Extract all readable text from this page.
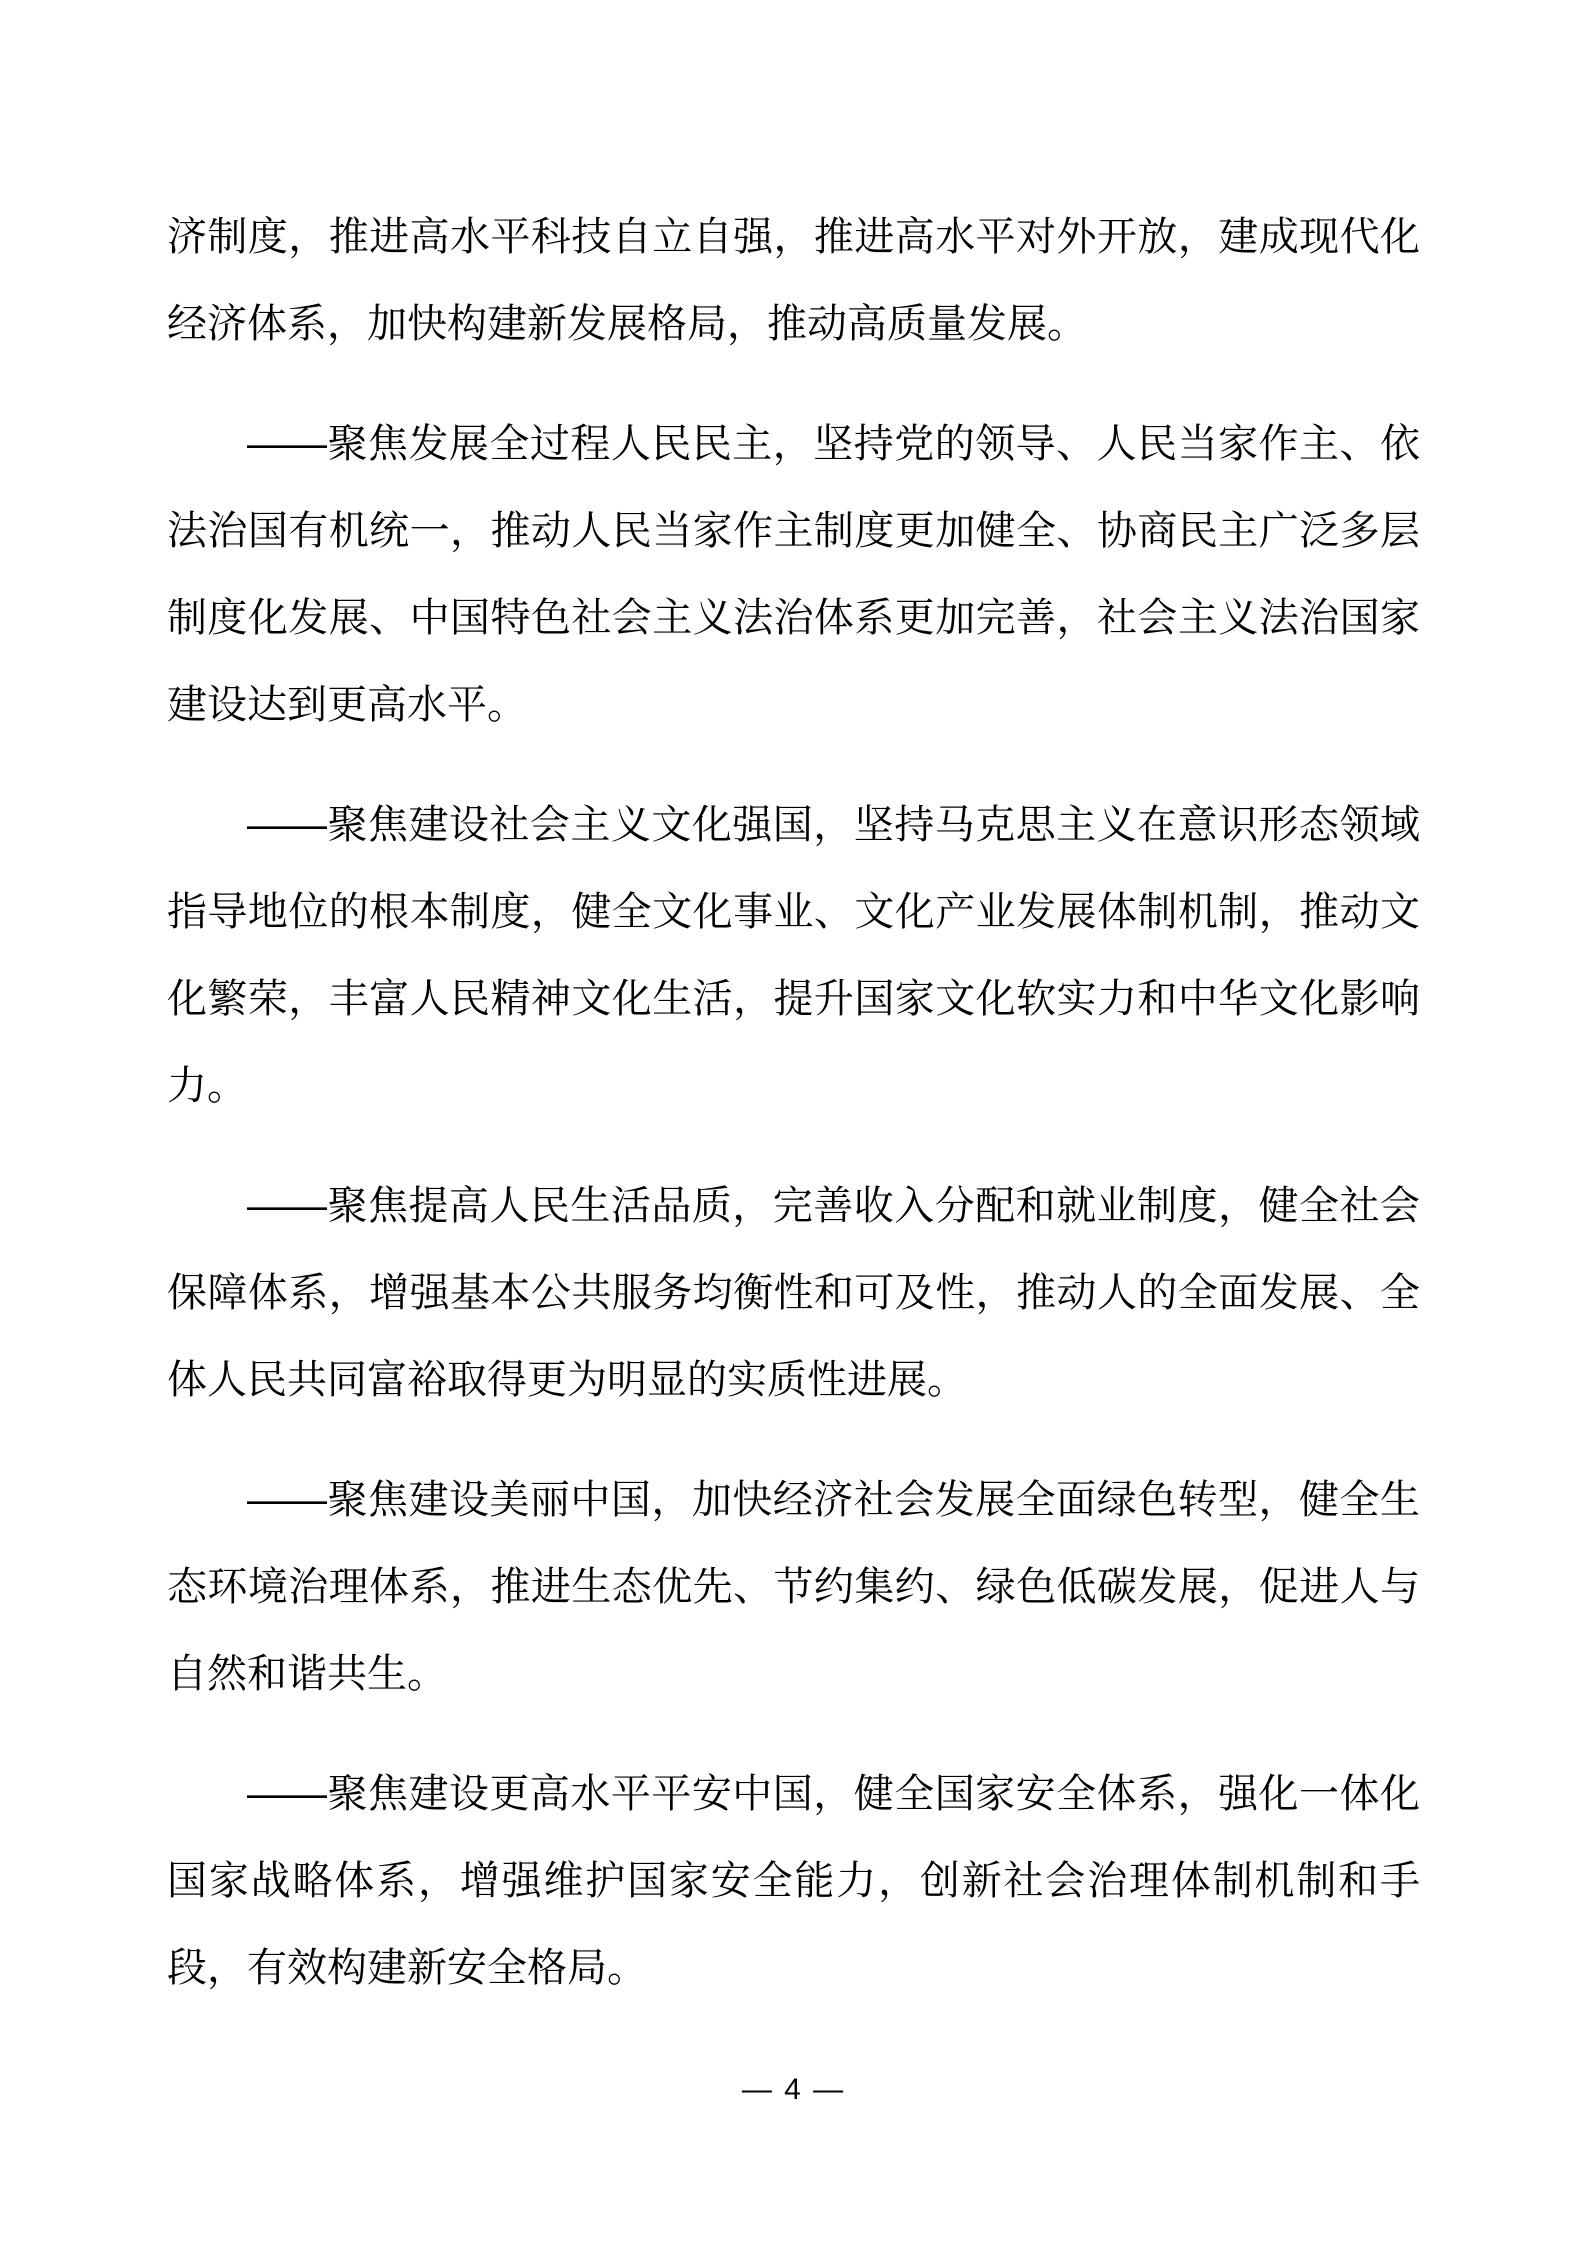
济制度，推进高水平科技自立自强，推进高水平对外开放，建成现代化经济体系，加快构建新发展格局，推动高质量发展。

——聚焦发展全过程人民民主，坚持党的领导、人民当家作主、依法治国有机统一，推动人民当家作主制度更加健全、协商民主广泛多层制度化发展、中国特色社会主义法治体系更加完善，社会主义法治国家建设达到更高水平。

——聚焦建设社会主义文化强国，坚持马克思主义在意识形态领域指导地位的根本制度，健全文化事业、文化产业发展体制机制，推动文化繁荣，丰富人民精神文化生活，提升国家文化软实力和中华文化影响力。

——聚焦提高人民生活品质，完善收入分配和就业制度，健全社会保障体系，增强基本公共服务均衡性和可及性，推动人的全面发展、全体人民共同富裕取得更为明显的实质性进展。

——聚焦建设美丽中国，加快经济社会发展全面绿色转型，健全生态环境治理体系，推进生态优先、节约集约、绿色低碳发展，促进人与自然和谐共生。

——聚焦建设更高水平平安中国，健全国家安全体系，强化一体化国家战略体系，增强维护国家安全能力，创新社会治理体制机制和手段，有效构建新安全格局。

— 4 —
